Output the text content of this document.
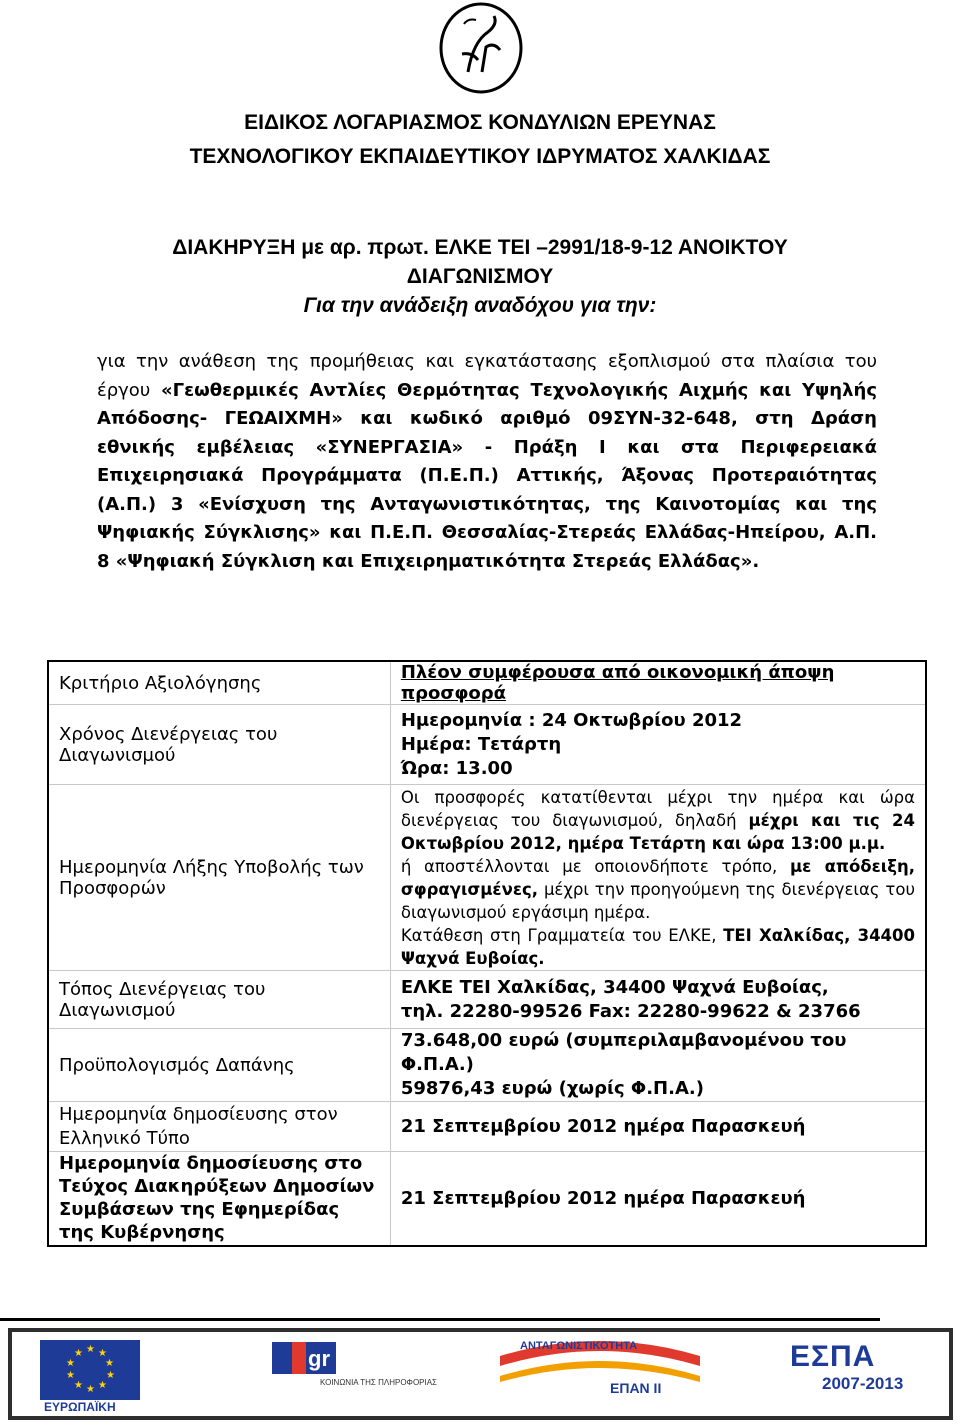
ΕΙΔΙΚΟΣ ΛΟΓΑΡΙΑΣΜΟΣ ΚΟΝΔΥΛΙΩΝ ΕΡΕΥΝΑΣ
ΤΕΧΝΟΛΟΓΙΚΟΥ ΕΚΠΑΙΔΕΥΤΙΚΟΥ ΙΔΡΥΜΑΤΟΣ ΧΑΛΚΙΔΑΣ
ΔΙΑΚΗΡΥΞΗ με αρ. πρωτ. ΕΛΚΕ ΤΕΙ –2991/18-9-12 ΑΝΟΙΚΤΟΥ
ΔΙΑΓΩΝΙΣΜΟΥ
Για την ανάδειξη αναδόχου για την:
για την ανάθεση της προμήθειας και εγκατάστασης εξοπλισμού στα πλαίσια του έργου «Γεωθερμικές Αντλίες Θερμότητας Τεχνολογικής Αιχμής και Υψηλής Απόδοσης- ΓΕΩΑΙΧΜΗ» και κωδικό αριθμό 09ΣΥΝ-32-648, στη Δράση εθνικής εμβέλειας «ΣΥΝΕΡΓΑΣΙΑ» - Πράξη Ι και στα Περιφερειακά Επιχειρησιακά Προγράμματα (Π.Ε.Π.) Αττικής, Άξονας Προτεραιότητας (Α.Π.) 3 «Ενίσχυση της Ανταγωνιστικότητας, της Καινοτομίας και της Ψηφιακής Σύγκλισης» και Π.Ε.Π. Θεσσαλίας-Στερεάς Ελλάδας-Ηπείρου, Α.Π. 8 «Ψηφιακή Σύγκλιση και Επιχειρηματικότητα Στερεάς Ελλάδας».
Κριτήριο Αξιολόγησης	Πλέον συμφέρουσα από οικονομική άποψη προσφορά
Χρόνος Διενέργειας του Διαγωνισμού	Ημερομηνία : 24 Οκτωβρίου 2012
Ημέρα: Τετάρτη
Ώρα: 13.00

Ημερομηνία Λήξης Υποβολής των Προσφορών	Οι προσφορές κατατίθενται μέχρι την ημέρα και ώρα διενέργειας του διαγωνισμού, δηλαδή μέχρι και τις 24 Οκτωβρίου 2012, ημέρα Τετάρτη και ώρα 13:00 μ.μ.
ή αποστέλλονται με οποιονδήποτε τρόπο, με απόδειξη, σφραγισμένες, μέχρι την προηγούμενη της διενέργειας του διαγωνισμού εργάσιμη ημέρα.
Κατάθεση στη Γραμματεία του ΕΛΚΕ, ΤΕΙ Χαλκίδας, 34400 Ψαχνά Ευβοίας.
Τόπος Διενέργειας του Διαγωνισμού	ΕΛΚΕ ΤΕΙ Χαλκίδας, 34400 Ψαχνά Ευβοίας,
τηλ. 22280-99526 Fax: 22280-99622 & 23766

Προϋπολογισμός Δαπάνης	73.648,00 ευρώ (συμπεριλαμβανομένου του Φ.Π.Α.)
59876,43 ευρώ (χωρίς Φ.Π.Α.)

Ημερομηνία δημοσίευσης στον Ελληνικό Τύπο	21 Σεπτεμβρίου 2012 ημέρα Παρασκευή
Ημερομηνία δημοσίευσης στο Τεύχος Διακηρύξεων Δημοσίων Συμβάσεων της Εφημερίδας της Κυβέρνησης	21 Σεπτεμβρίου 2012 ημέρα Παρασκευή
★ ★
★
★
★
★
★
★
★
★
ΕΥΡΩΠΑΪΚΗ
gr
ΚΟΙΝΩΝΙΑ ΤΗΣ ΠΛΗΡΟΦΟΡΙΑΣ
ΑΝΤΑΓΩΝΙΣΤΙΚΟΤΗΤΑ
ΕΠΑΝ II
ΕΣΠΑ
2007-2013
